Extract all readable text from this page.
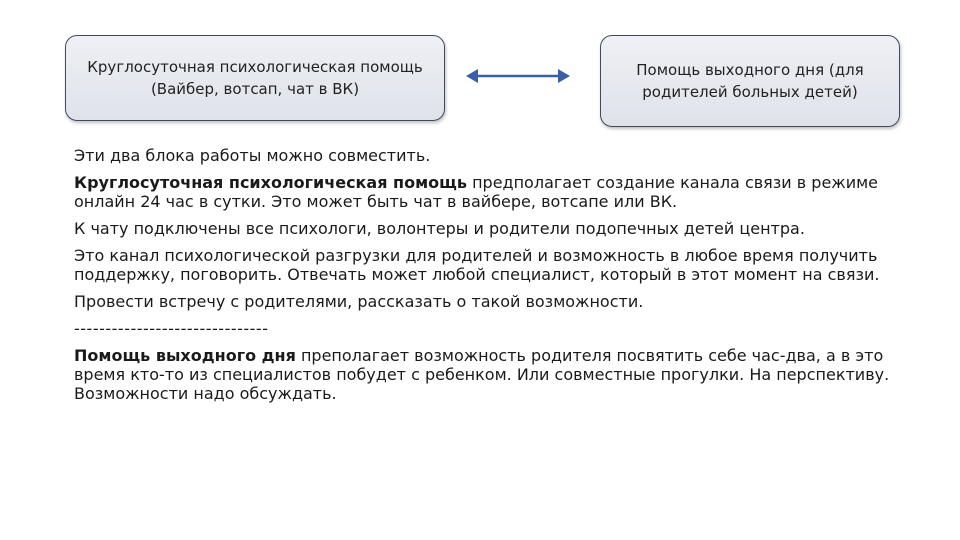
Круглосуточная психологическая помощь
(Вайбер, вотсап, чат в ВК)
Помощь выходного дня (для
родителей больных детей)

Эти два блока работы можно совместить.

Круглосуточная психологическая помощь предполагает создание канала связи в режиме онлайн 24 час в сутки. Это может быть чат в вайбере, вотсапе или ВК.

К чату подключены все психологи, волонтеры и родители подопечных детей центра.

Это канал психологической разгрузки для родителей и возможность в любое время получить поддержку, поговорить. Отвечать может любой специалист, который в этот момент на связи.

Провести встречу с родителями, рассказать о такой возможности.

-------------------------------

Помощь выходного дня преполагает возможность родителя посвятить себе час-два, а в это время кто-то из специалистов побудет с ребенком. Или совместные прогулки. На перспективу. Возможности надо обсуждать.
